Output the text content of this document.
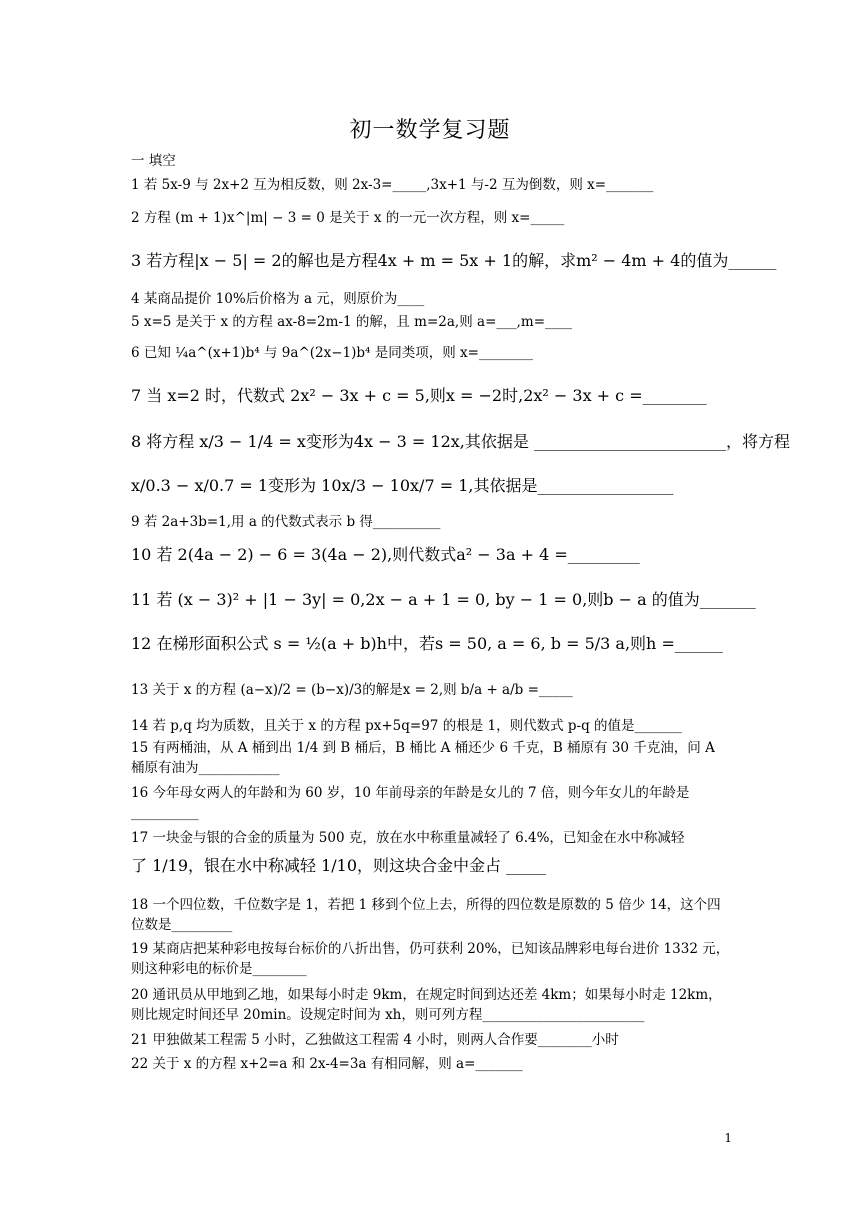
初一数学复习题
一 填空
1 若 5x-9 与 2x+2 互为相反数，则 2x-3=_____,3x+1 与-2 互为倒数，则 x=_______
2 方程 (m + 1)x^|m| − 3 = 0 是关于 x 的一元一次方程，则 x=_____
3 若方程|x − 5| = 2的解也是方程4x + m = 5x + 1的解，求m² − 4m + 4的值为______
4 某商品提价 10%后价格为 a 元，则原价为____
5 x=5 是关于 x 的方程 ax-8=2m-1 的解，且 m=2a,则 a=___,m=____
6 已知 ¼a^(x+1)b⁴ 与 9a^(2x−1)b⁴ 是同类项，则 x=________
7 当 x=2 时，代数式 2x² − 3x + c = 5,则x = −2时,2x² − 3x + c =________
8 将方程 x/3 − 1/4 = x变形为4x − 3 = 12x,其依据是 ________________________，将方程
x/0.3 − x/0.7 = 1变形为 10x/3 − 10x/7 = 1,其依据是_________________
9 若 2a+3b=1,用 a 的代数式表示 b 得__________
10 若 2(4a − 2) − 6 = 3(4a − 2),则代数式a² − 3a + 4 =_________
11 若 (x − 3)² + |1 − 3y| = 0,2x − a + 1 = 0, by − 1 = 0,则b − a 的值为_______
12 在梯形面积公式 s = ½(a + b)h中，若s = 50, a = 6, b = 5/3 a,则h =______
13 关于 x 的方程 (a−x)/2 = (b−x)/3的解是x = 2,则 b/a + a/b =_____
14 若 p,q 均为质数，且关于 x 的方程 px+5q=97 的根是 1，则代数式 p-q 的值是_______
15 有两桶油，从 A 桶到出 1/4 到 B 桶后，B 桶比 A 桶还少 6 千克，B 桶原有 30 千克油，问 A 桶原有油为____________
16 今年母女两人的年龄和为 60 岁，10 年前母亲的年龄是女儿的 7 倍，则今年女儿的年龄是__________
17 一块金与银的合金的质量为 500 克，放在水中称重量减轻了 6.4%，已知金在水中称减轻
了 1/19，银在水中称减轻 1/10，则这块合金中金占 _____
18 一个四位数，千位数字是 1，若把 1 移到个位上去，所得的四位数是原数的 5 倍少 14，这个四位数是_________
19 某商店把某种彩电按每台标价的八折出售，仍可获利 20%，已知该品牌彩电每台进价 1332 元，则这种彩电的标价是________
20 通讯员从甲地到乙地，如果每小时走 9km，在规定时间到达还差 4km；如果每小时走 12km，则比规定时间还早 20min。设规定时间为 xh，则可列方程________________________
21 甲独做某工程需 5 小时，乙独做这工程需 4 小时，则两人合作要________小时
22 关于 x 的方程 x+2=a 和 2x-4=3a 有相同解，则 a=_______
1
